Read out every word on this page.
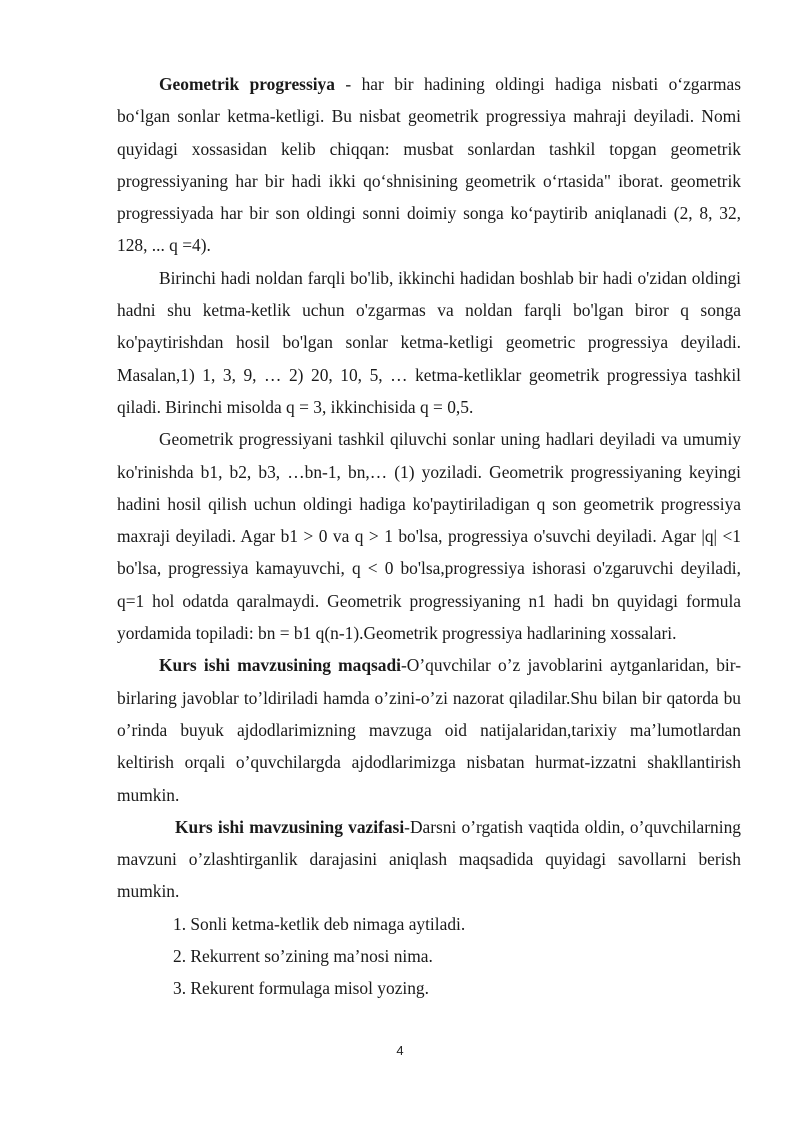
Geometrik progressiya - har bir hadining oldingi hadiga nisbati o‘zgarmas bo‘lgan sonlar ketma-ketligi. Bu nisbat geometrik progressiya mahraji deyiladi. Nomi quyidagi xossasidan kelib chiqqan: musbat sonlardan tashkil topgan geometrik progressiyaning har bir hadi ikki qo‘shnisining geometrik o‘rtasida" iborat. geometrik progressiyada har bir son oldingi sonni doimiy songa ko‘paytirib aniqlanadi (2, 8, 32, 128, ... q =4).

Birinchi hadi noldan farqli bo'lib, ikkinchi hadidan boshlab bir hadi o'zidan oldingi hadni shu ketma-ketlik uchun o'zgarmas va noldan farqli bo'lgan biror q songa ko'paytirishdan hosil bo'lgan sonlar ketma-ketligi geometric progressiya deyiladi. Masalan,1) 1, 3, 9, … 2) 20, 10, 5, … ketma-ketliklar geometrik progressiya tashkil qiladi. Birinchi misolda q = 3, ikkinchisida q = 0,5.

Geometrik progressiyani tashkil qiluvchi sonlar uning hadlari deyiladi va umumiy ko'rinishda b1, b2, b3, …bn-1, bn,… (1) yoziladi. Geometrik progressiyaning keyingi hadini hosil qilish uchun oldingi hadiga ko'paytiriladigan q son geometrik progressiya maxraji deyiladi. Agar b1 > 0 va q > 1 bo'lsa, progressiya o'suvchi deyiladi. Agar |q| <1 bo'lsa, progressiya kamayuvchi, q < 0 bo'lsa,progressiya ishorasi o'zgaruvchi deyiladi, q=1 hol odatda qaralmaydi. Geometrik progressiyaning n1 hadi bn quyidagi formula yordamida topiladi: bn = b1 q(n-1).Geometrik progressiya hadlarining xossalari.

Kurs ishi mavzusining maqsadi-O’quvchilar o’z javoblarini aytganlaridan, bir-birlaring javoblar to’ldiriladi hamda o’zini-o’zi nazorat qiladilar.Shu bilan bir qatorda bu o’rinda buyuk ajdodlarimizning mavzuga oid natijalaridan,tarixiy ma’lumotlardan keltirish orqali o’quvchilargda ajdodlarimizga nisbatan hurmat-izzatni shakllantirish mumkin.

Kurs ishi mavzusining vazifasi-Darsni o’rgatish vaqtida oldin, o’quvchilarning mavzuni o’zlashtirganlik darajasini aniqlash maqsadida quyidagi savollarni berish mumkin.

1. Sonli ketma-ketlik deb nimaga aytiladi.
2. Rekurrent so’zining ma’nosi nima.
3. Rekurent formulaga misol yozing.
4
